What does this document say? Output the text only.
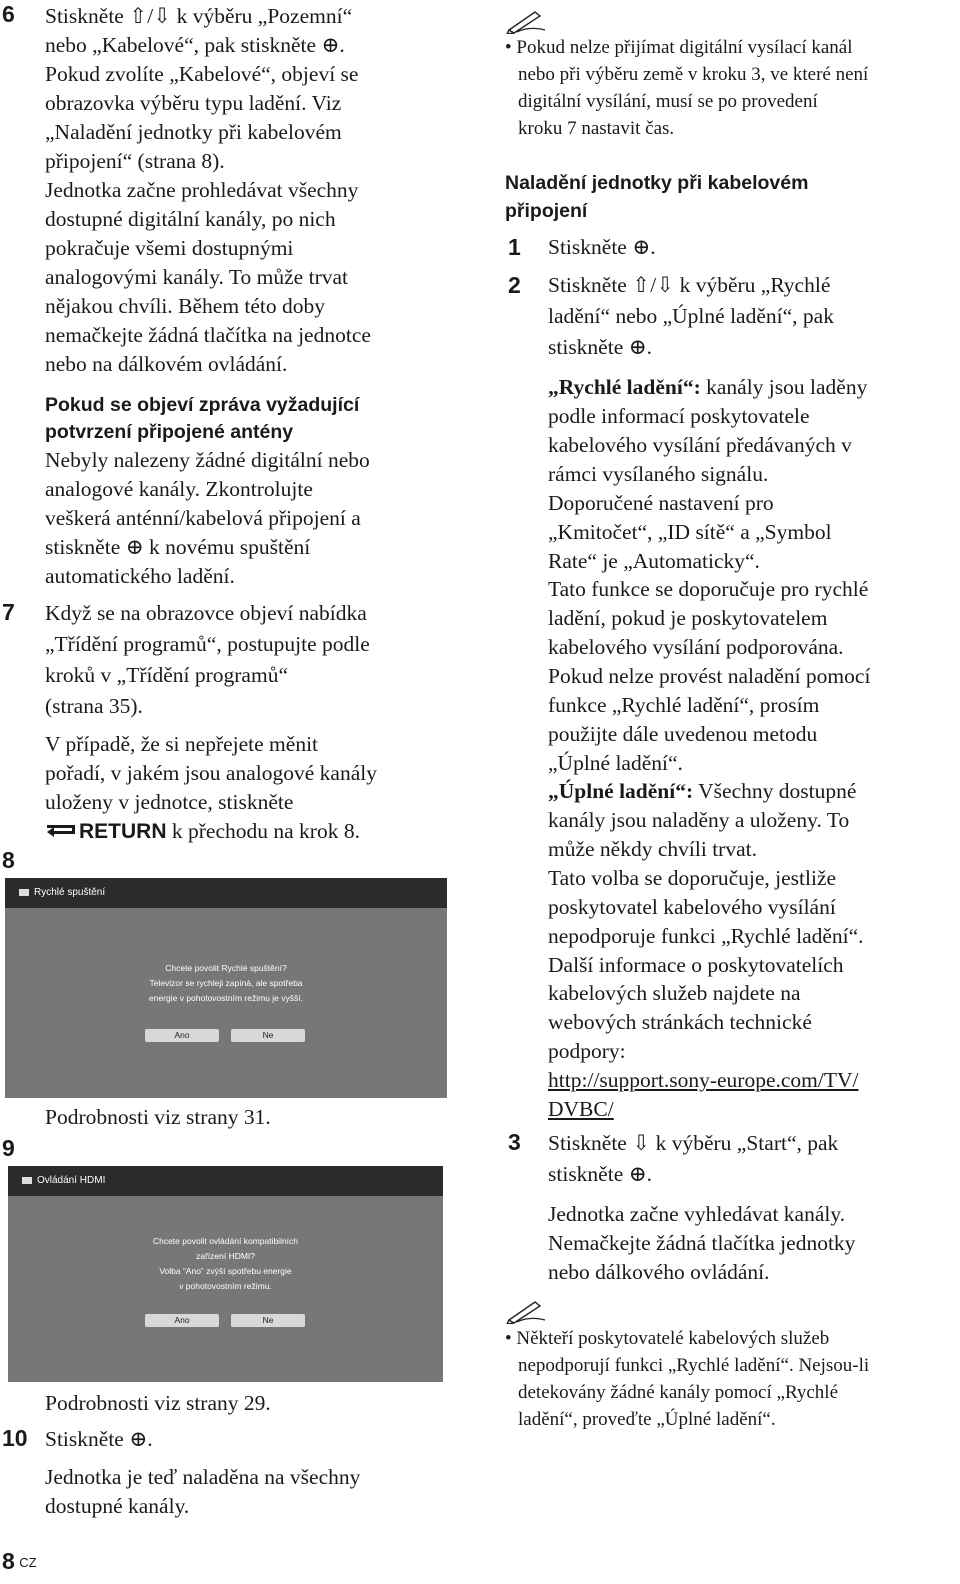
6 Stiskněte ⇧/⇩ k výběru „Pozemní“
nebo „Kabelové“, pak stiskněte ⊕.
Pokud zvolíte „Kabelové“, objeví se
obrazovka výběru typu ladění. Viz
„Naladění jednotky při kabelovém
připojení“ (strana 8).
Jednotka začne prohledávat všechny
dostupné digitální kanály, po nich
pokračuje všemi dostupnými
analogovými kanály. To může trvat
nějakou chvíli. Během této doby
nemačkejte žádná tlačítka na jednotce
nebo na dálkovém ovládání.
Pokud se objeví zpráva vyžadující
potvrzení připojené antény
Nebyly nalezeny žádné digitální nebo
analogové kanály. Zkontrolujte
veškerá anténní/kabelová připojení a
stiskněte ⊕ k novému spuštění
automatického ladění.
7 Když se na obrazovce objeví nabídka
„Třídění programů“, postupujte podle
kroků v „Třídění programů“
(strana 35).
V případě, že si nepřejete měnit
pořadí, v jakém jsou analogové kanály
uloženy v jednotce, stiskněte
RETURN k přechodu na krok 8.
8
Rychlé spuštění
Chcete povolit Rychlé spuštění?
Televizor se rychleji zapíná, ale spotřeba
energie v pohotovostním režimu je vyšší.
Ano	Ne
Podrobnosti viz strany 31.
9
Ovládání HDMI
Chcete povolit ovládání kompatibilních
zařízení HDMI?
Volba “Ano” zvýší spotřebu energie
v pohotovostním režimu.
Ano	Ne
Podrobnosti viz strany 29.
10 Stiskněte ⊕.
Jednotka je teď naladěna na všechny
dostupné kanály.
• Pokud nelze přijímat digitální vysílací kanál
nebo při výběru země v kroku 3, ve které není
digitální vysílání, musí se po provedení
kroku 7 nastavit čas.
Naladění jednotky při kabelovém
připojení
1 Stiskněte ⊕.
2 Stiskněte ⇧/⇩ k výběru „Rychlé
ladění“ nebo „Úplné ladění“, pak
stiskněte ⊕.
„Rychlé ladění“: kanály jsou laděny
„Úplné ladění“: Všechny dostupné
podle informací poskytovatele
kabelového vysílání předávaných v
rámci vysílaného signálu.
Doporučené nastavení pro
„Kmitočet“, „ID sítě“ a „Symbol
Rate“ je „Automaticky“.
Tato funkce se doporučuje pro rychlé
ladění, pokud je poskytovatelem
kabelového vysílání podporována.
Pokud nelze provést naladění pomocí
funkce „Rychlé ladění“, prosím
použijte dále uvedenou metodu
„Úplné ladění“.
kanály jsou naladěny a uloženy. To
může někdy chvíli trvat.
Tato volba se doporučuje, jestliže
poskytovatel kabelového vysílání
nepodporuje funkci „Rychlé ladění“.
Další informace o poskytovatelích
kabelových služeb najdete na
webových stránkách technické
podpory:
http://support.sony-europe.com/TV/
DVBC/
3 Stiskněte ⇩ k výběru „Start“, pak
stiskněte ⊕.
Jednotka začne vyhledávat kanály.
Nemačkejte žádná tlačítka jednotky
nebo dálkového ovládání.
• Někteří poskytovatelé kabelových služeb
nepodporují funkci „Rychlé ladění“. Nejsou-li
detekovány žádné kanály pomocí „Rychlé
ladění“, proveďte „Úplné ladění“.
8 CZ
